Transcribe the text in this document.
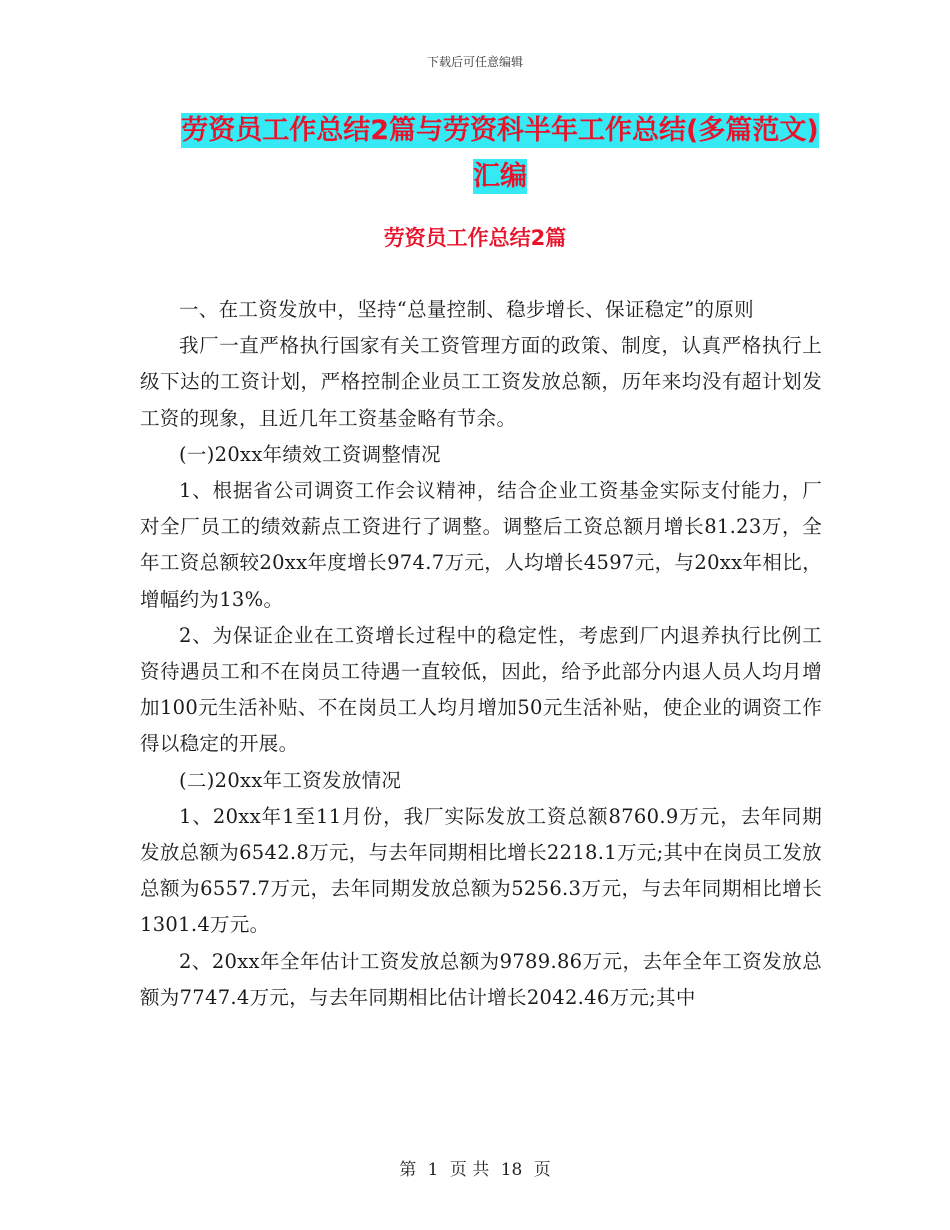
下载后可任意编辑
劳资员工作总结2篇与劳资科半年工作总结(多篇范文)汇编
劳资员工作总结2篇

一、在工资发放中，坚持“总量控制、稳步增长、保证稳定”的原则

我厂一直严格执行国家有关工资管理方面的政策、制度，认真严格执行上级下达的工资计划，严格控制企业员工工资发放总额，历年来均没有超计划发工资的现象，且近几年工资基金略有节余。

(一)20xx年绩效工资调整情况

1、根据省公司调资工作会议精神，结合企业工资基金实际支付能力，厂对全厂员工的绩效薪点工资进行了调整。调整后工资总额月增长81.23万，全年工资总额较20xx年度增长974.7万元，人均增长4597元，与20xx年相比，增幅约为13%。

2、为保证企业在工资增长过程中的稳定性，考虑到厂内退养执行比例工资待遇员工和不在岗员工待遇一直较低，因此，给予此部分内退人员人均月增加100元生活补贴、不在岗员工人均月增加50元生活补贴，使企业的调资工作得以稳定的开展。

(二)20xx年工资发放情况

1、20xx年1至11月份，我厂实际发放工资总额8760.9万元，去年同期发放总额为6542.8万元，与去年同期相比增长2218.1万元;其中在岗员工发放总额为6557.7万元，去年同期发放总额为5256.3万元，与去年同期相比增长1301.4万元。

2、20xx年全年估计工资发放总额为9789.86万元，去年全年工资发放总额为7747.4万元，与去年同期相比估计增长2042.46万元;其中

第 1 页 共 18 页
